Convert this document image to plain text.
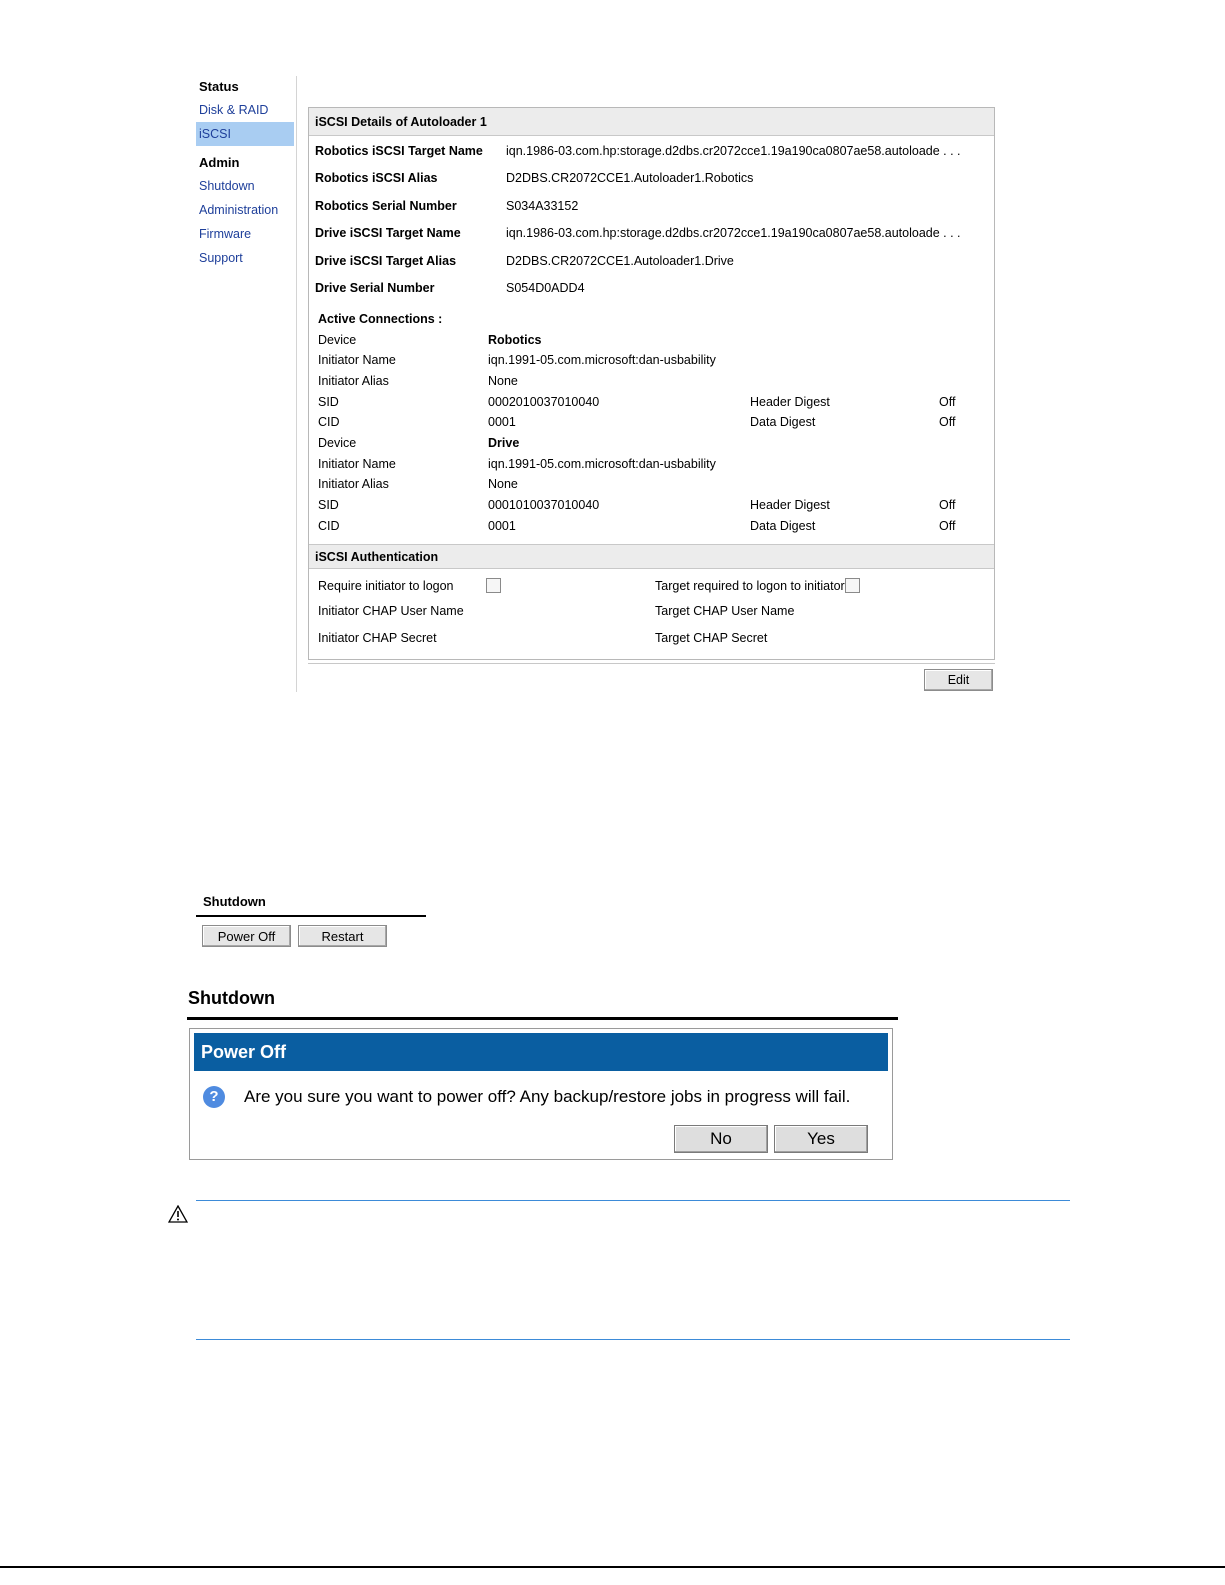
Status
Disk & RAID
iSCSI
Admin
Shutdown
Administration
Firmware
Support
iSCSI Details of Autoloader 1
Robotics iSCSI Target Name iqn.1986-03.com.hp:storage.d2dbs.cr2072cce1.19a190ca0807ae58.autoloade . . .
Robotics iSCSI Alias	D2DBS.CR2072CCE1.Autoloader1.Robotics
Robotics Serial Number	S034A33152
Drive iSCSI Target Name	iqn.1986-03.com.hp:storage.d2dbs.cr2072cce1.19a190ca0807ae58.autoloade . . .
Drive iSCSI Target Alias	D2DBS.CR2072CCE1.Autoloader1.Drive
Drive Serial Number	S054D0ADD4
Active Connections :
Device	Robotics
Initiator Name	iqn.1991-05.com.microsoft:dan-usbability
Initiator Alias	None
SID	0002010037010040	Header Digest	Off
CID	0001	Data Digest	Off
Device	Drive
Initiator Name	iqn.1991-05.com.microsoft:dan-usbability
Initiator Alias	None
SID	0001010037010040	Header Digest	Off
CID	0001	Data Digest	Off
iSCSI Authentication
Require initiator to logon	Target required to logon to initiator
Initiator CHAP User Name	Target CHAP User Name
Initiator CHAP Secret	Target CHAP Secret
Edit
Shutdown
Power Off	Restart
Shutdown
Power Off
?	Are you sure you want to power off? Any backup/restore jobs in progress will fail.
No	Yes
